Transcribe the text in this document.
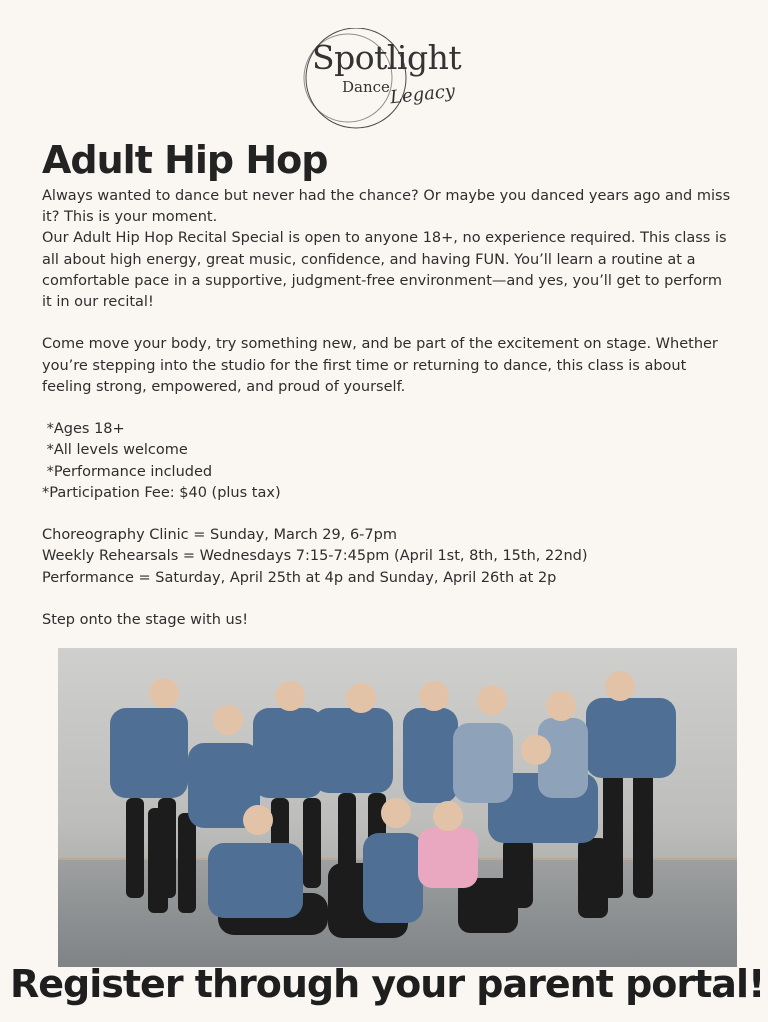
Spotlight
Dance Legacy
Adult Hip Hop

Always wanted to dance but never had the chance? Or maybe you danced years ago and miss it? This is your moment.

Our Adult Hip Hop Recital Special is open to anyone 18+, no experience required. This class is all about high energy, great music, confidence, and having FUN. You’ll learn a routine at a comfortable pace in a supportive, judgment-free environment—and yes, you’ll get to perform it in our recital!

Come move your body, try something new, and be part of the excitement on stage. Whether you’re stepping into the studio for the first time or returning to dance, this class is about feeling strong, empowered, and proud of yourself.

*Ages 18+

*All levels welcome

*Performance included

*Participation Fee: $40 (plus tax)

Choreography Clinic = Sunday, March 29, 6-7pm

Weekly Rehearsals = Wednesdays 7:15-7:45pm (April 1st, 8th, 15th, 22nd)

Performance = Saturday, April 25th at 4p and Sunday, April 26th at 2p

Step onto the stage with us!

Register through your parent portal!
